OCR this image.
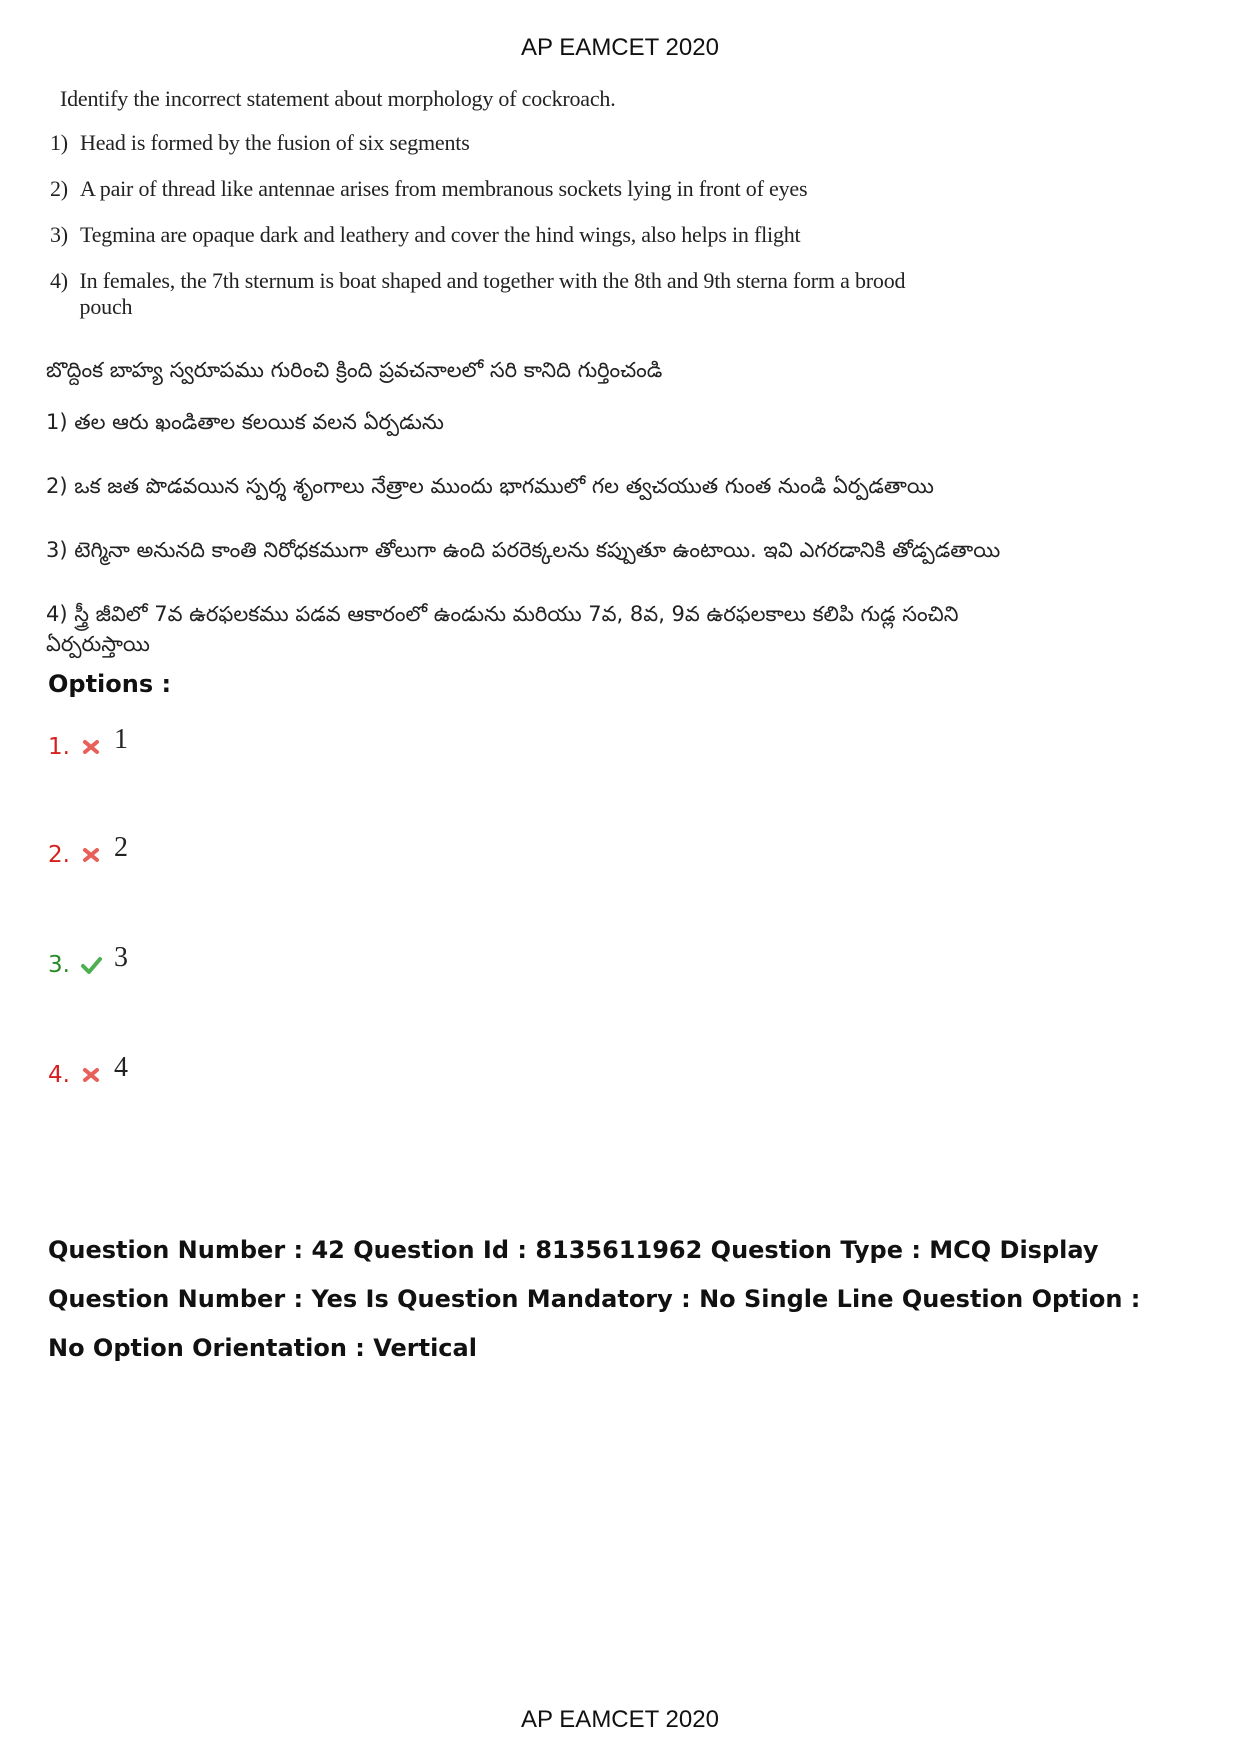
AP EAMCET 2020
Identify the incorrect statement about morphology of cockroach.
1) Head is formed by the fusion of six segments
2) A pair of thread like antennae arises from membranous sockets lying in front of eyes
3) Tegmina are opaque dark and leathery and cover the hind wings, also helps in flight
4) In females, the 7th sternum is boat shaped and together with the 8th and 9th sterna form a brood pouch
బొద్దింక బాహ్య స్వరూపము గురించి క్రింది ప్రవచనాలలో సరి కానిది గుర్తించండి
1) తల ఆరు ఖండితాల కలయిక వలన ఏర్పడును
2) ఒక జత పొడవయిన స్పర్శ శృంగాలు నేత్రాల ముందు భాగములో గల త్వచయుత గుంత నుండి ఏర్పడతాయి
3) టెగ్మినా అనునది కాంతి నిరోధకముగా తోలుగా ఉంది పరరెక్కలను కప్పుతూ ఉంటాయి. ఇవి ఎగరడానికి తోడ్పడతాయి
4) స్త్రీ జీవిలో 7వ ఉరఫలకము పడవ ఆకారంలో ఉండును మరియు 7వ, 8వ, 9వ ఉరఫలకాలు కలిపి గుడ్ల సంచిని ఏర్పరుస్తాయి
Options :
1. 1
2. 2
3. 3
4. 4
Question Number : 42 Question Id : 8135611962 Question Type : MCQ Display Question Number : Yes Is Question Mandatory : No Single Line Question Option : No Option Orientation : Vertical
AP EAMCET 2020
